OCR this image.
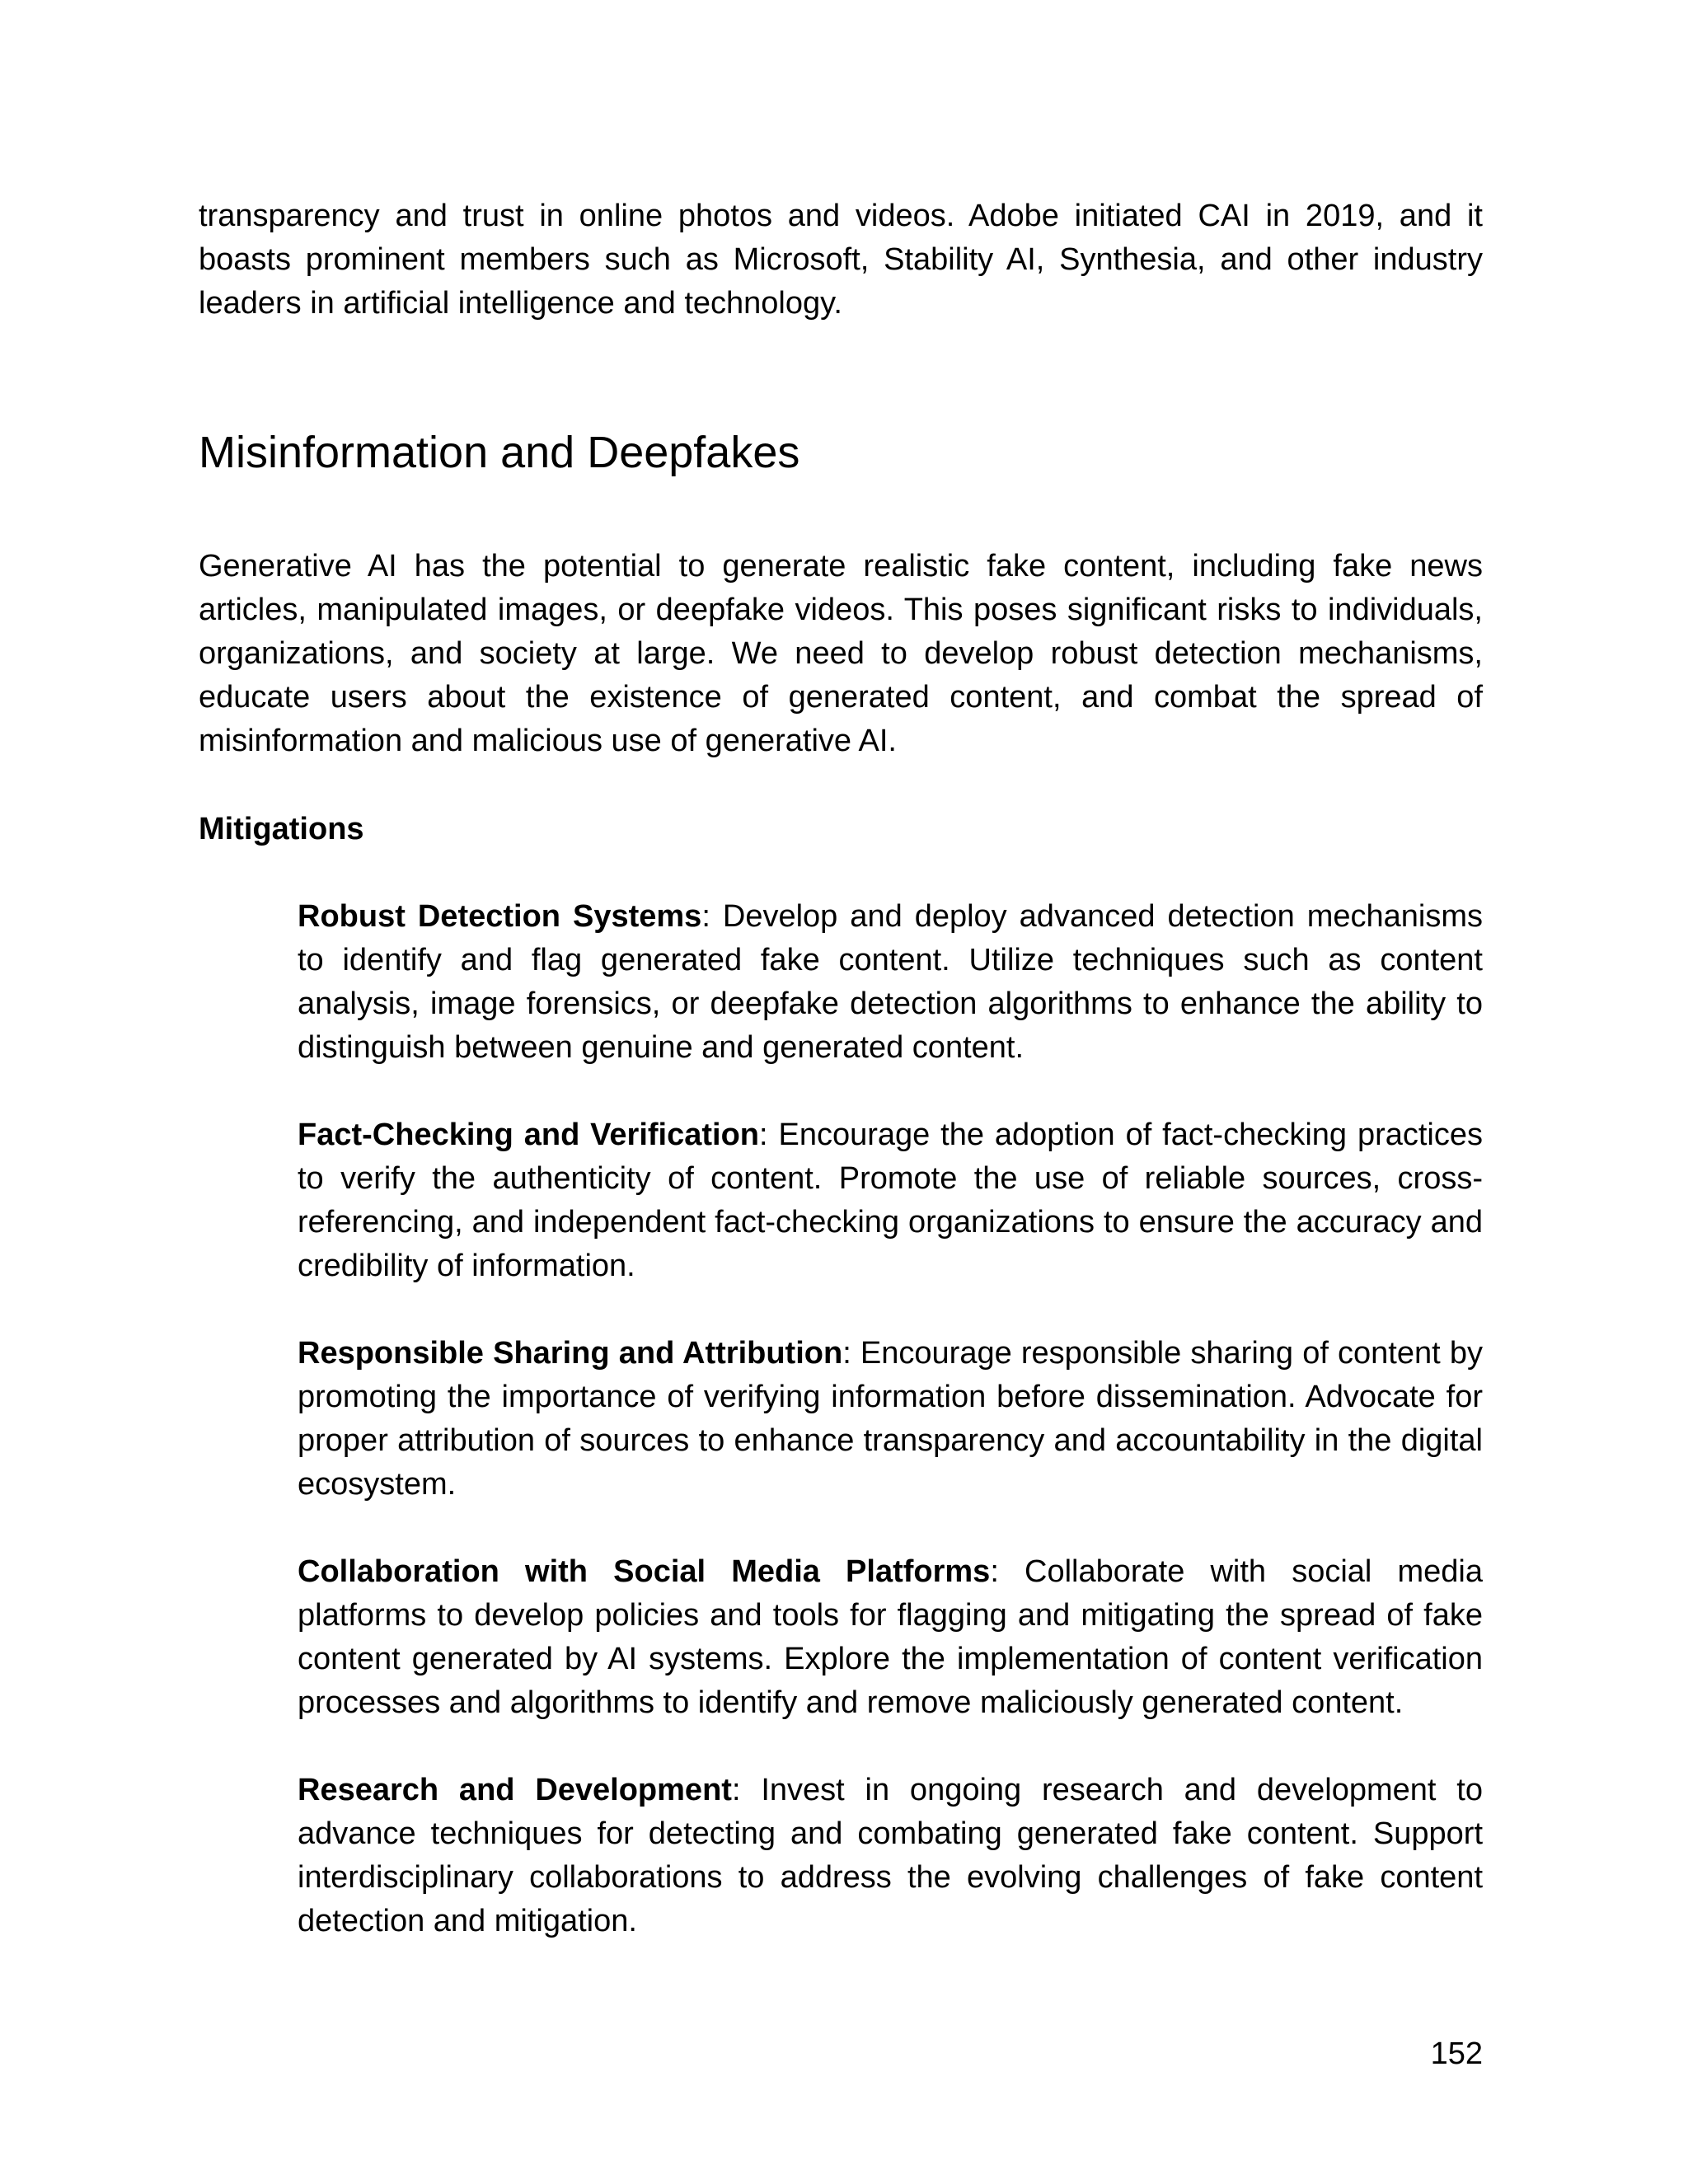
transparency and trust in online photos and videos. Adobe initiated CAI in 2019, and it boasts prominent members such as Microsoft, Stability AI, Synthesia, and other industry leaders in artificial intelligence and technology.

Misinformation and Deepfakes

Generative AI has the potential to generate realistic fake content, including fake news articles, manipulated images, or deepfake videos. This poses significant risks to individuals, organizations, and society at large. We need to develop robust detection mechanisms, educate users about the existence of generated content, and combat the spread of misinformation and malicious use of generative AI.

Mitigations
Robust Detection Systems: Develop and deploy advanced detection mechanisms to identify and flag generated fake content. Utilize techniques such as content analysis, image forensics, or deepfake detection algorithms to enhance the ability to distinguish between genuine and generated content.
Fact-Checking and Verification: Encourage the adoption of fact-checking practices to verify the authenticity of content. Promote the use of reliable sources, cross-referencing, and independent fact-checking organizations to ensure the accuracy and credibility of information.
Responsible Sharing and Attribution: Encourage responsible sharing of content by promoting the importance of verifying information before dissemination. Advocate for proper attribution of sources to enhance transparency and accountability in the digital ecosystem.
Collaboration with Social Media Platforms: Collaborate with social media platforms to develop policies and tools for flagging and mitigating the spread of fake content generated by AI systems. Explore the implementation of content verification processes and algorithms to identify and remove maliciously generated content.
Research and Development: Invest in ongoing research and development to advance techniques for detecting and combating generated fake content. Support interdisciplinary collaborations to address the evolving challenges of fake content detection and mitigation.
152
